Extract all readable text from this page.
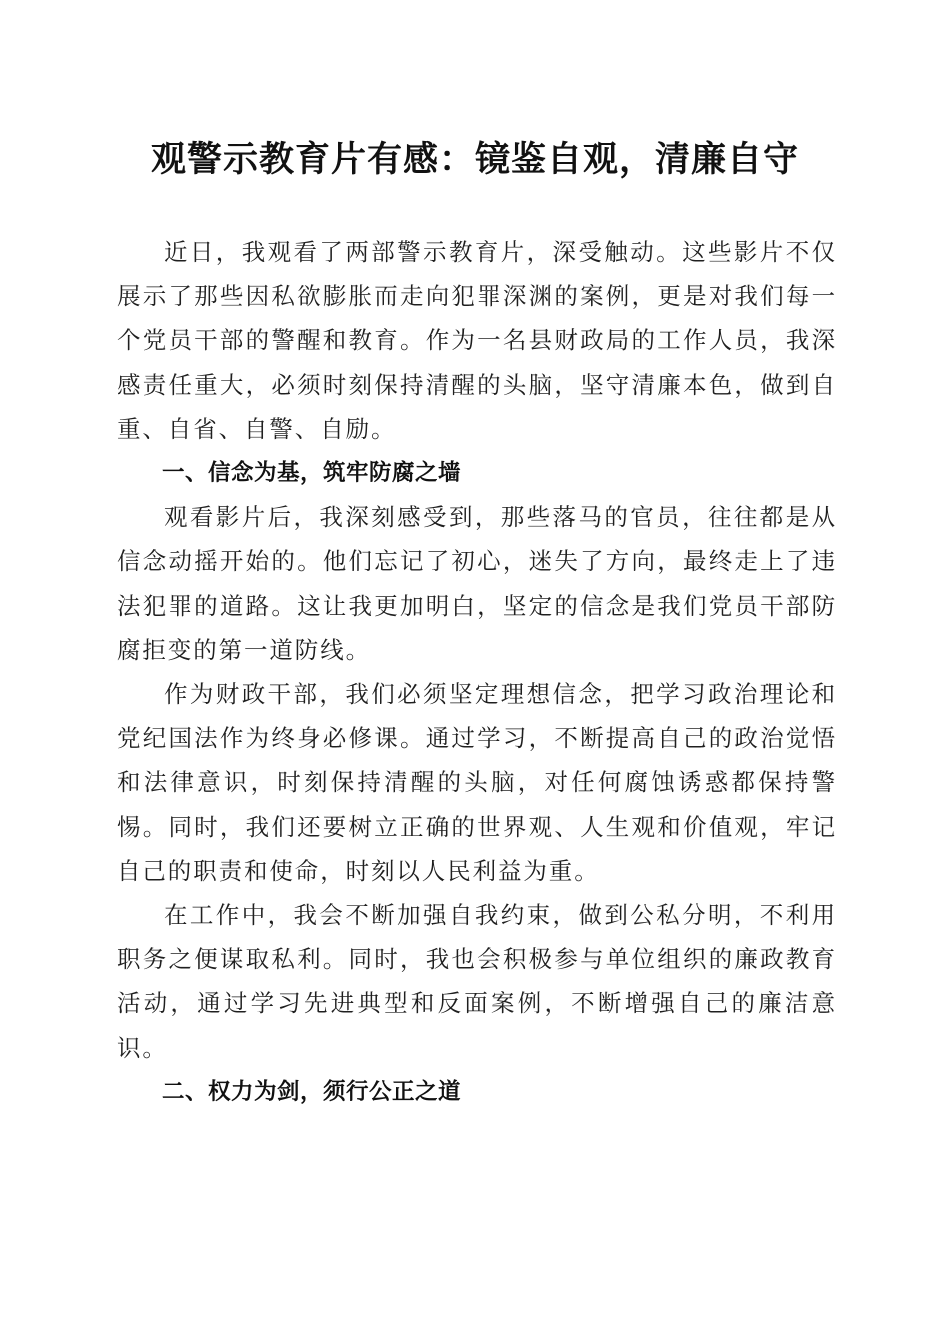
观警示教育片有感：镜鉴自观，清廉自守

近日，我观看了两部警示教育片，深受触动。这些影片不仅展示了那些因私欲膨胀而走向犯罪深渊的案例，更是对我们每一个党员干部的警醒和教育。作为一名县财政局的工作人员，我深感责任重大，必须时刻保持清醒的头脑，坚守清廉本色，做到自重、自省、自警、自励。

一、信念为基，筑牢防腐之墙

观看影片后，我深刻感受到，那些落马的官员，往往都是从信念动摇开始的。他们忘记了初心，迷失了方向，最终走上了违法犯罪的道路。这让我更加明白，坚定的信念是我们党员干部防腐拒变的第一道防线。

作为财政干部，我们必须坚定理想信念，把学习政治理论和党纪国法作为终身必修课。通过学习，不断提高自己的政治觉悟和法律意识，时刻保持清醒的头脑，对任何腐蚀诱惑都保持警惕。同时，我们还要树立正确的世界观、人生观和价值观，牢记自己的职责和使命，时刻以人民利益为重。

在工作中，我会不断加强自我约束，做到公私分明，不利用职务之便谋取私利。同时，我也会积极参与单位组织的廉政教育活动，通过学习先进典型和反面案例，不断增强自己的廉洁意识。

二、权力为剑，须行公正之道
